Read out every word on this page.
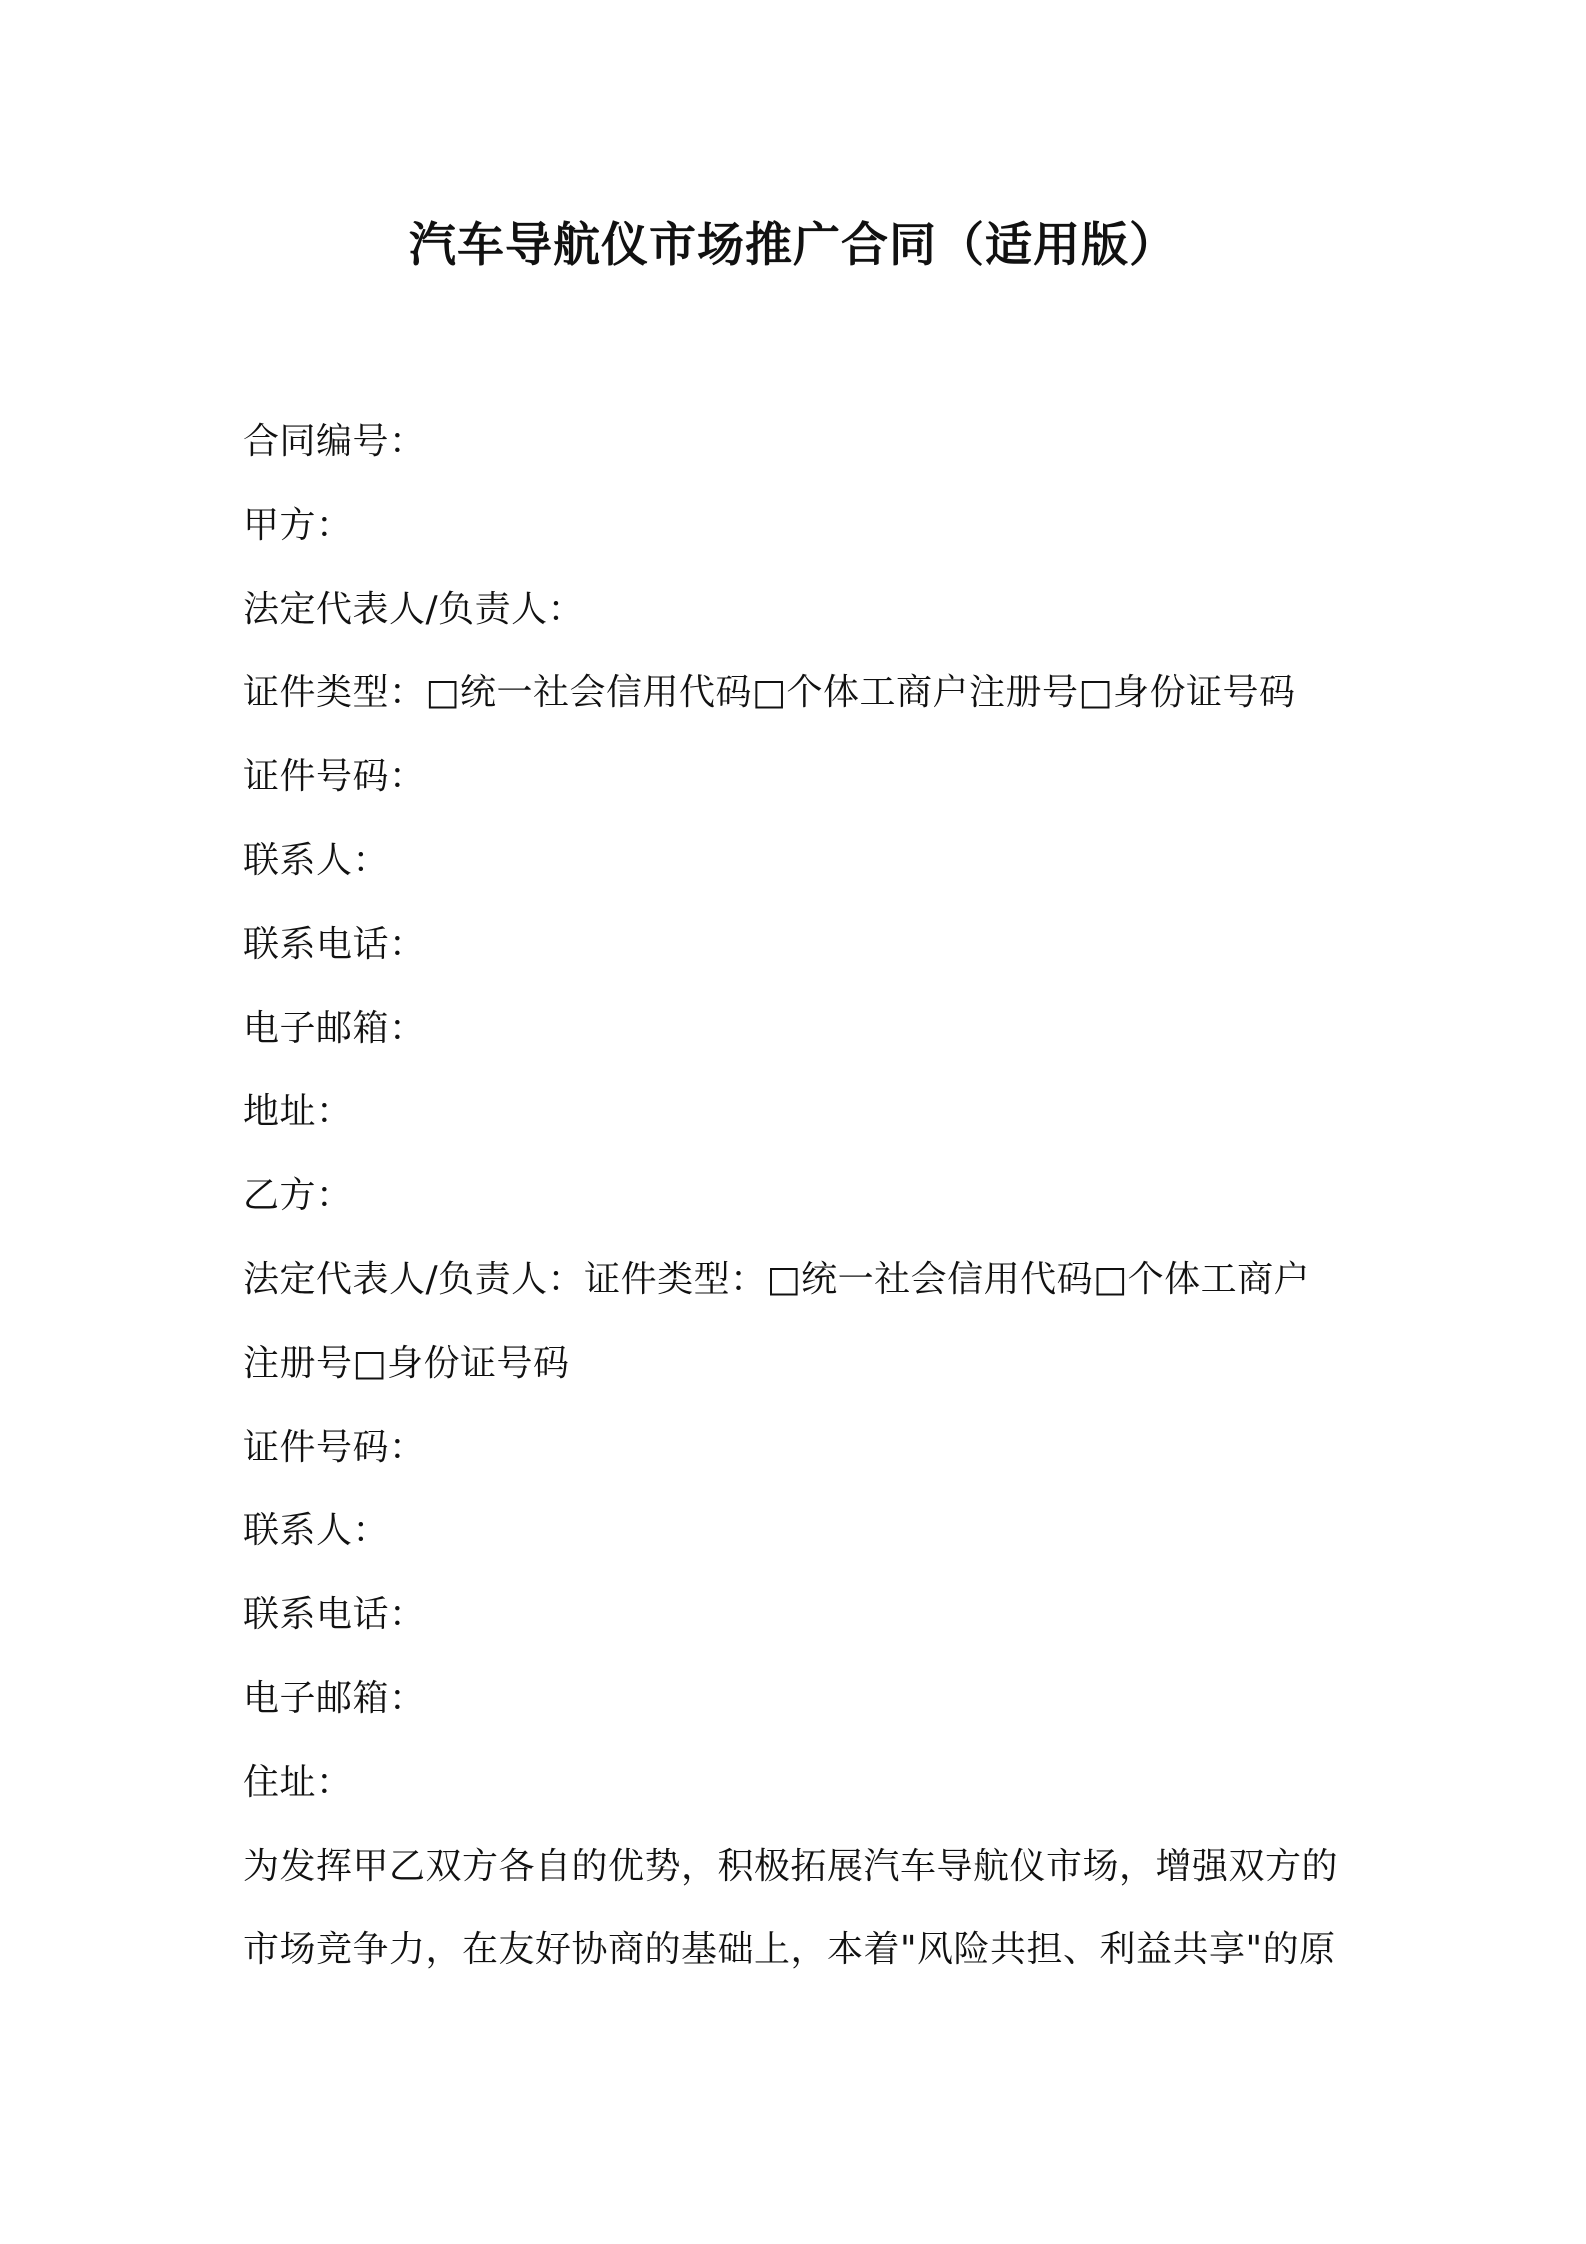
汽车导航仪市场推广合同（适用版）
合同编号：
甲方：
法定代表人/负责人：
证件类型：□统一社会信用代码□个体工商户注册号□身份证号码
证件号码：
联系人：
联系电话：
电子邮箱：
地址：
乙方：
法定代表人/负责人：证件类型：□统一社会信用代码□个体工商户
注册号□身份证号码
证件号码：
联系人：
联系电话：
电子邮箱：
住址：
为发挥甲乙双方各自的优势，积极拓展汽车导航仪市场，增强双方的
市场竞争力，在友好协商的基础上，本着"风险共担、利益共享"的原
